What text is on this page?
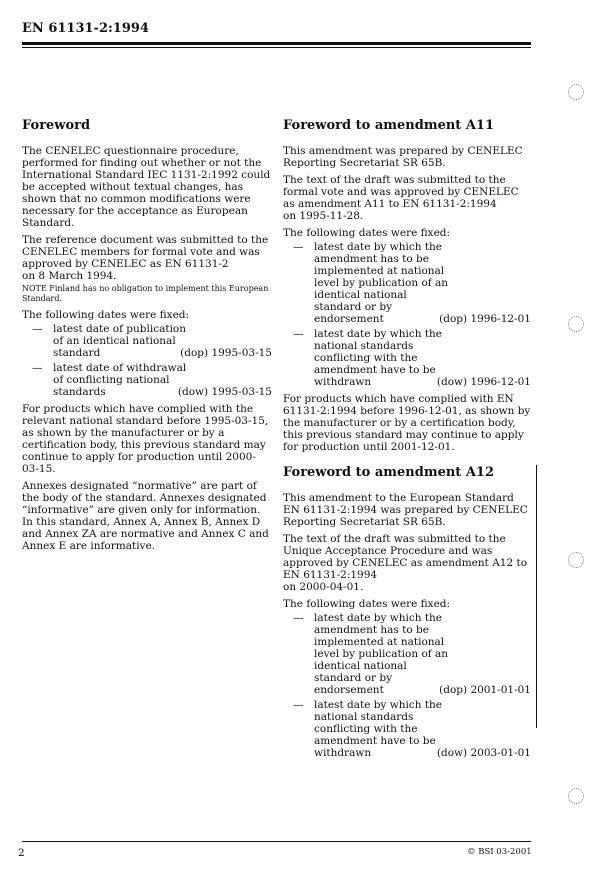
EN 61131-2:1994
Foreword

The CENELEC questionnaire procedure, performed for finding out whether or not the International Standard IEC 1131-2:1992 could be accepted without textual changes, has shown that no common modifications were necessary for the acceptance as European Standard.

The reference document was submitted to the CENELEC members for formal vote and was approved by CENELEC as EN 61131-2
on 8 March 1994.

NOTE Finland has no obligation to implement this European Standard.

The following dates were fixed:

—	latest date of publication
of an identical national
standard	(dop) 1995-03-15
—	latest date of withdrawal
of conflicting national
standards	(dow) 1995-03-15

For products which have complied with the relevant national standard before 1995-03-15, as shown by the manufacturer or by a certification body, this previous standard may continue to apply for production until 2000-03-15.

Annexes designated “normative” are part of the body of the standard. Annexes designated “informative” are given only for information. In this standard, Annex A, Annex B, Annex D and Annex ZA are normative and Annex C and Annex E are informative.

Foreword to amendment A11

This amendment was prepared by CENELEC Reporting Secretariat SR 65B.

The text of the draft was submitted to the formal vote and was approved by CENELEC as amendment A11 to EN 61131-2:1994
on 1995-11-28.

The following dates were fixed:

—	latest date by which the
amendment has to be
implemented at national
level by publication of an
identical national
standard or by
endorsement	(dop) 1996-12-01
—	latest date by which the
national standards
conflicting with the
amendment have to be
withdrawn	(dow) 1996-12-01

For products which have complied with EN 61131-2:1994 before 1996-12-01, as shown by the manufacturer or by a certification body, this previous standard may continue to apply for production until 2001-12-01.

Foreword to amendment A12

This amendment to the European Standard EN 61131-2:1994 was prepared by CENELEC Reporting Secretariat SR 65B.

The text of the draft was submitted to the Unique Acceptance Procedure and was approved by CENELEC as amendment A12 to EN 61131-2:1994
on 2000-04-01.

The following dates were fixed:

—	latest date by which the
amendment has to be
implemented at national
level by publication of an
identical national
standard or by
endorsement	(dop) 2001-01-01
—	latest date by which the
national standards
conflicting with the
amendment have to be
withdrawn	(dow) 2003-01-01
2	© BSI 03-2001
